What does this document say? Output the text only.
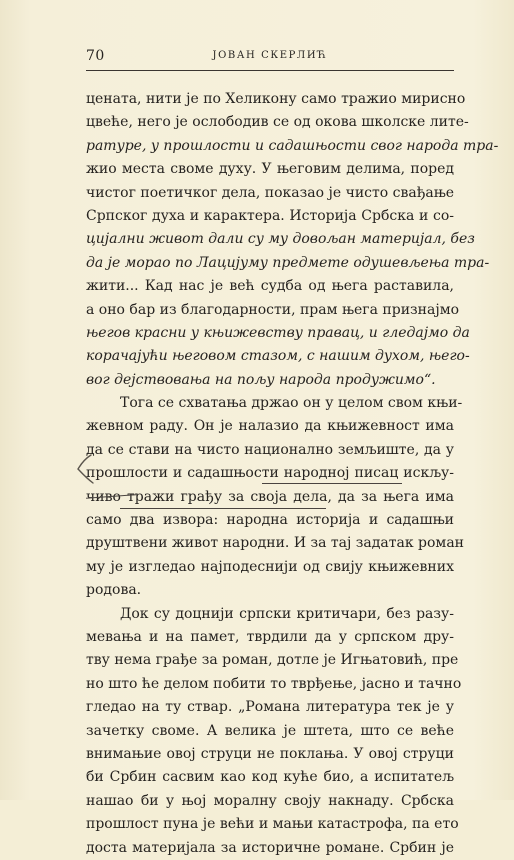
70	ЈОВАН СКЕРЛИЋ
цената, нити је по Хеликону само тражио мирисно
цвеће, него је ослободив се од окова школске лите-
ратуре, у прошлости и садашњости свог народа тра-
жио места своме духу. У његовим делима, поред
чистог поетичког дела, показао је чисто свађање
Српског духа и карактера. Историја Србска и со-
цијални живот дали су му довољан материјал, без
да је морао по Лацијуму предмете одушевљења тра-
жити... Кад нас је већ судба од њега раставила,
а оно бар из благодарности, прам њега признајмо
његов красни у књижевству правац, и гледајмо да
корачајући његовом стазом, с нашим духом, њего-
вог дејствовања на пољу народа продужимо“.
Тога се схватања држао он у целом свом књи-
жевном раду. Он је налазио да књижевност има
да се стави на чисто национално земљиште, да у
прошлости и садашњости народној писац искљу-
чиво тражи грађу за своја дела, да за њега има
само два извора: народна историја и садашњи
друштвени живот народни. И за тај задатак роман
му је изгледао најподеснији од свију књижевних
родова.
Док су доцнији српски критичари, без разу-
мевања и на памет, тврдили да у српском дру-
тву нема грађе за роман, дотле је Игњатовић, пре
но што ће делом побити то тврђење, јасно и тачно
гледао на ту ствар. „Романа литература тек је у
зачетку своме. А велика је штета, што се веће
внимањие овој струци не поклања. У овој струци
би Србин сасвим као код куће био, а испитатељ
нашао би у њој моралну своју накнаду. Србска
прошлост пуна је већи и мањи катастрофа, па ето
доста материјала за историчне романе. Србин је
